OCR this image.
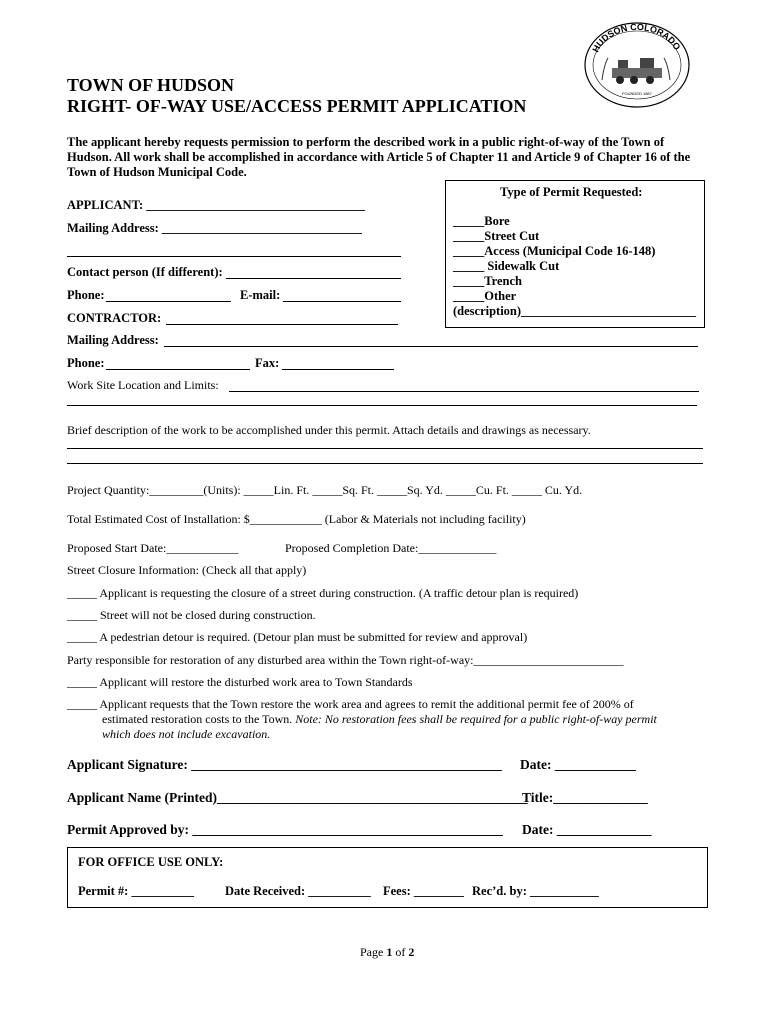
HUDSON COLORADO
FOUNDED 1887
TOWN OF HUDSON
RIGHT- OF-WAY USE/ACCESS PERMIT APPLICATION
The applicant hereby requests permission to perform the described work in a public right-of-way of the Town of
Hudson. All work shall be accomplished in accordance with Article 5 of Chapter 11 and Article 9 of Chapter 16 of the
Town of Hudson Municipal Code.
Type of Permit Requested:
_____Bore
_____Street Cut
_____Access (Municipal Code 16-148)
_____ Sidewalk Cut
_____Trench
_____Other
(description)____________________________
APPLICANT: ___________________________________
Mailing Address: ________________________________
Contact person (If different):
Phone:	E-mail:
CONTRACTOR:
Mailing Address:
Phone:	Fax:
Work Site Location and Limits:
Brief description of the work to be accomplished under this permit. Attach details and drawings as necessary.
Project Quantity:_________(Units): _____Lin. Ft. _____Sq. Ft. _____Sq. Yd. _____Cu. Ft. _____ Cu. Yd.
Total Estimated Cost of Installation: $____________ (Labor & Materials not including facility)
Proposed Start Date:____________	Proposed Completion Date:_____________
Street Closure Information: (Check all that apply)
_____ Applicant is requesting the closure of a street during construction. (A traffic detour plan is required)
_____ Street will not be closed during construction.
_____ A pedestrian detour is required. (Detour plan must be submitted for review and approval)
Party responsible for restoration of any disturbed area within the Town right-of-way:_________________________
_____ Applicant will restore the disturbed work area to Town Standards
_____ Applicant requests that the Town restore the work area and agrees to remit the additional permit fee of 200% of
estimated restoration costs to the Town. Note: No restoration fees shall be required for a public right-of-way permit
which does not include excavation.
Applicant Signature: ______________________________________________ Date: ____________
Applicant Name (Printed)______________________________________________
Title:______________
Permit Approved by: ______________________________________________ Date: ______________
FOR OFFICE USE ONLY:
Permit #: __________ Date Received: __________ Fees: ________ Rec’d. by: ___________
Page 1 of 2
